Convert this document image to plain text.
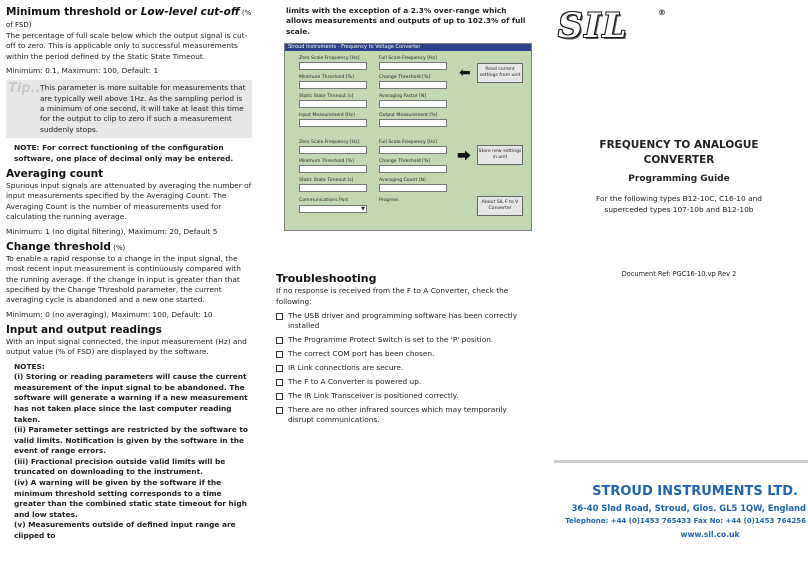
Minimum threshold or Low-level cut-off (% of FSD)

The percentage of full scale below which the output signal is cut-off to zero. This is applicable only to successful measurements within the period defined by the Static State Timeout.

Minimum: 0.1, Maximum: 100, Default: 1
Tip...

This parameter is more suitable for measurements that are typically well above 1Hz. As the sampling period is a minimum of one second, it will take at least this time for the output to clip to zero if such a measurement suddenly stops.

NOTE: For correct functioning of the configuration software, one place of decimal only may be entered.

Averaging count

Spurious input signals are attenuated by averaging the number of input measurements specified by the Averaging Count. The Averaging Count is the number of measurements used for calculating the running average.

Minimum: 1 (no digital filtering), Maximum: 20, Default 5
Change threshold (%)

To enable a rapid response to a change in the input signal, the most recent input measurement is continuously compared with the running average. If the change in input is greater than that specified by the Change Threshold parameter, the current averaging cycle is abandoned and a new one started.

Minimum: 0 (no averaging), Maximum: 100, Default: 10
Input and output readings

With an input signal connected, the input measurement (Hz) and output value (% of FSD) are displayed by the software.

NOTES:

(i) Storing or reading parameters will cause the current measurement of the input signal to be abandoned. The software will generate a warning if a new measurement has not taken place since the last computer reading taken.

(ii) Parameter settings are restricted by the software to valid limits. Notification is given by the software in the event of range errors.

(iii) Fractional precision outside valid limits will be truncated on downloading to the instrument.

(iv) A warning will be given by the software if the minimum threshold setting corresponds to a time greater than the combined static state timeout for high and low states.

(v) Measurements outside of defined input range are clipped to

limits with the exception of a 2.3% over-range which allows measurements and outputs of up to 102.3% of full scale.

Stroud Instruments - Frequency to Voltage Converter
Zero Scale Frequency [Hz]	Full Scale Frequency [Hz]
Minimum Threshold [%]	Change Threshold [%]
Static State Timeout [s]	Averaging Factor [N]
Input Measurement [Hz]	Output Measurement [%]
⬅	Read current settings from unit
Zero Scale Frequency [Hz]	Full Scale Frequency [Hz]
Minimum Threshold [%]	Change Threshold [%]
Static State Timeout [s]	Averaging Count [N]
Communications Port
▼
Progress
⮕	Store new settings in unit
About SIL F to V Converter
Troubleshooting

If no response is received from the F to A Converter, check the following:

The USB driver and programming software has been correctly installed
The Programme Protect Switch is set to the 'P' position.
The correct COM port has been chosen.
IR Link connections are secure.
The F to A Converter is powered up.
The IR Link Transceiver is positioned correctly.
There are no other infrared sources which may temporarily disrupt communications.
SIL	®
FREQUENCY TO ANALOGUE
CONVERTER
Programming Guide
For the following types B12-10C, C16-10 and
superceded types 107-10b and B12-10b
Document Ref: PGC16-10.vp Rev 2
STROUD INSTRUMENTS LTD.
36-40 Slad Road, Stroud, Glos. GL5 1QW, England
Telephone: +44 (0)1453 765433 Fax No: +44 (0)1453 764256
www.sil.co.uk
